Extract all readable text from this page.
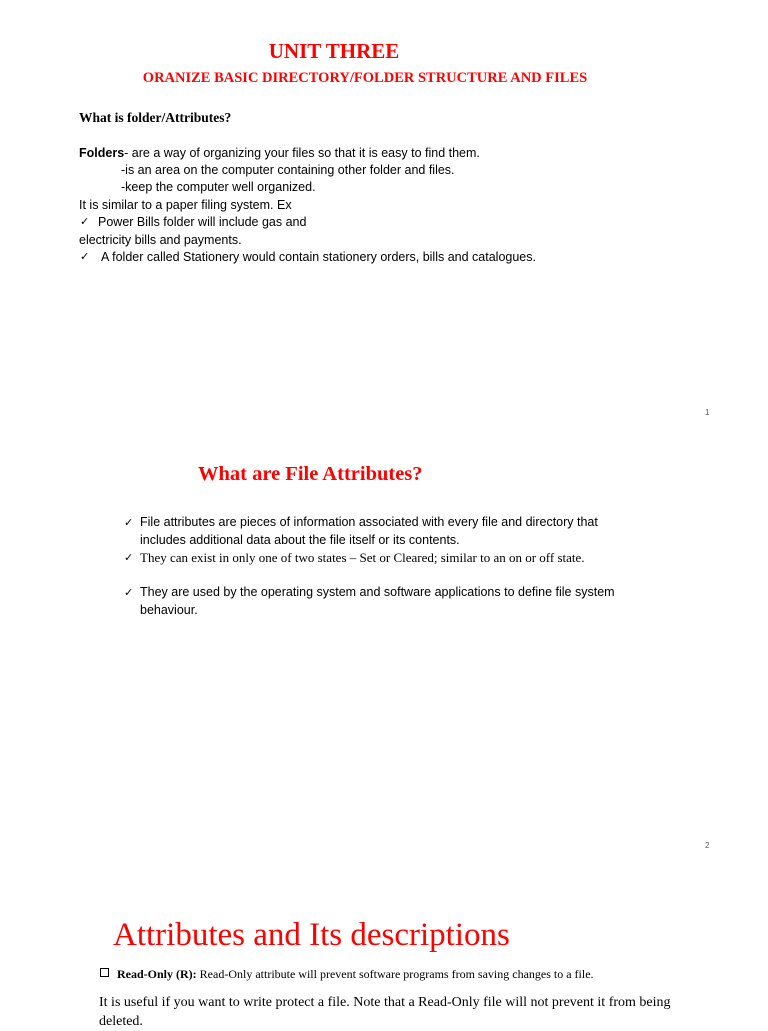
UNIT THREE
ORANIZE BASIC DIRECTORY/FOLDER STRUCTURE AND FILES

What is folder/Attributes?

Folders- are a way of organizing your files so that it is easy to find them.

-is an area on the computer containing other folder and files.

-keep the computer well organized.

It is similar to a paper filing system. Ex

✓ Power Bills folder will include gas and

electricity bills and payments.

✓ A folder called Stationery would contain stationery orders, bills and catalogues.
1
What are File Attributes?
✓ File attributes are pieces of information associated with every file and directory that includes additional data about the file itself or its contents.
✓ They can exist in only one of two states – Set or Cleared; similar to an on or off state.
✓ They are used by the operating system and software applications to define file system behaviour.
2
Attributes and Its descriptions

Read-Only (R): Read-Only attribute will prevent software programs from saving changes to a file.

It is useful if you want to write protect a file. Note that a Read-Only file will not prevent it from being deleted.
